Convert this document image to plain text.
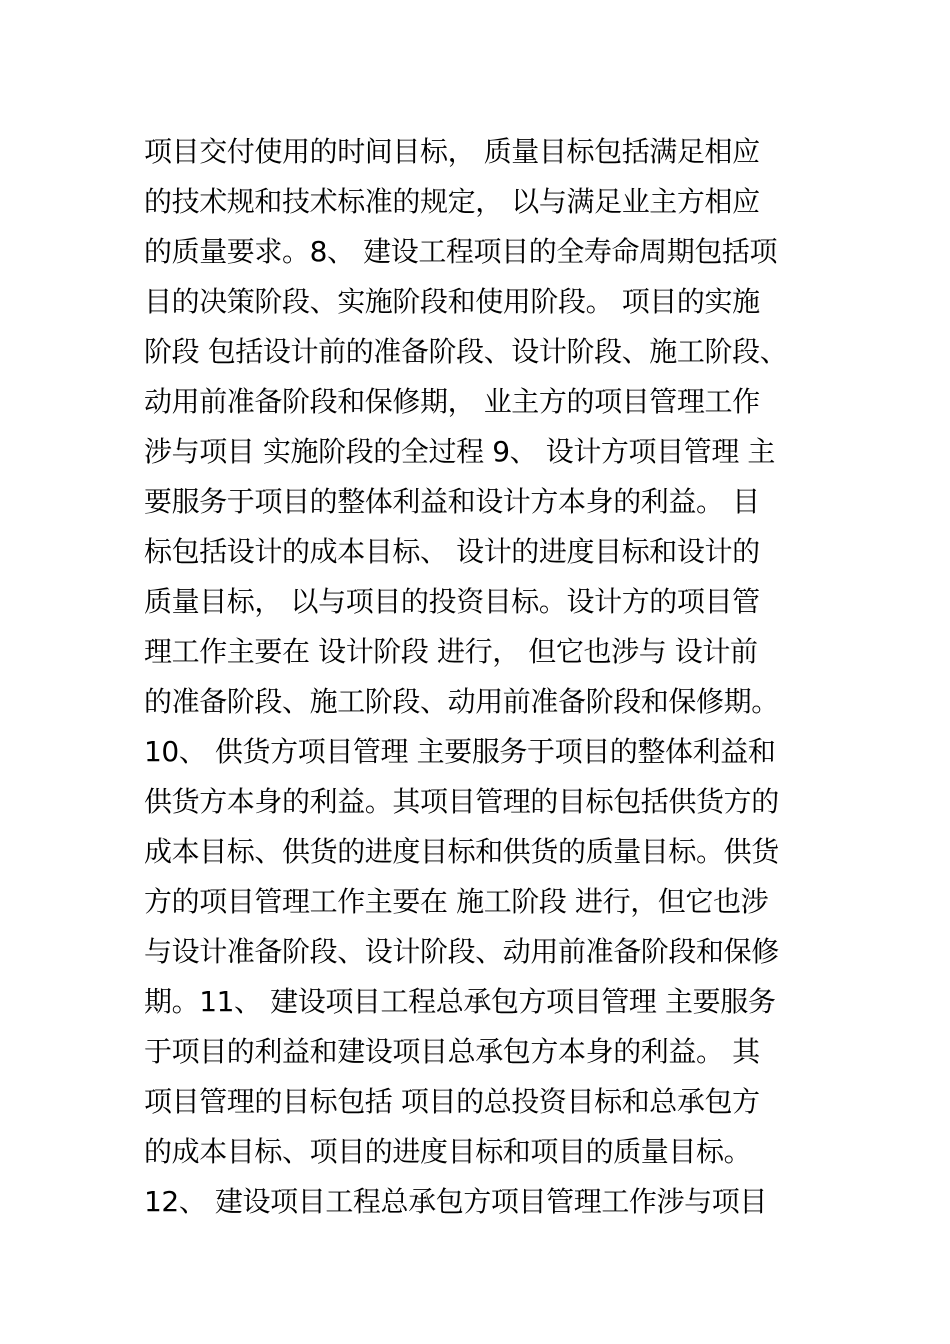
项目交付使用的时间目标， 质量目标包括满足相应
的技术规和技术标准的规定， 以与满足业主方相应
的质量要求。8、 建设工程项目的全寿命周期包括项
目的决策阶段、实施阶段和使用阶段。 项目的实施
阶段 包括设计前的准备阶段、设计阶段、施工阶段、
动用前准备阶段和保修期， 业主方的项目管理工作
涉与项目 实施阶段的全过程 9、 设计方项目管理 主
要服务于项目的整体利益和设计方本身的利益。 目
标包括设计的成本目标、 设计的进度目标和设计的
质量目标， 以与项目的投资目标。设计方的项目管
理工作主要在 设计阶段 进行， 但它也涉与 设计前
的准备阶段、施工阶段、动用前准备阶段和保修期。
10、 供货方项目管理 主要服务于项目的整体利益和
供货方本身的利益。其项目管理的目标包括供货方的
成本目标、供货的进度目标和供货的质量目标。供货
方的项目管理工作主要在 施工阶段 进行，但它也涉
与设计准备阶段、设计阶段、动用前准备阶段和保修
期。11、 建设项目工程总承包方项目管理 主要服务
于项目的利益和建设项目总承包方本身的利益。 其
项目管理的目标包括 项目的总投资目标和总承包方
的成本目标、项目的进度目标和项目的质量目标。
12、 建设项目工程总承包方项目管理工作涉与项目
